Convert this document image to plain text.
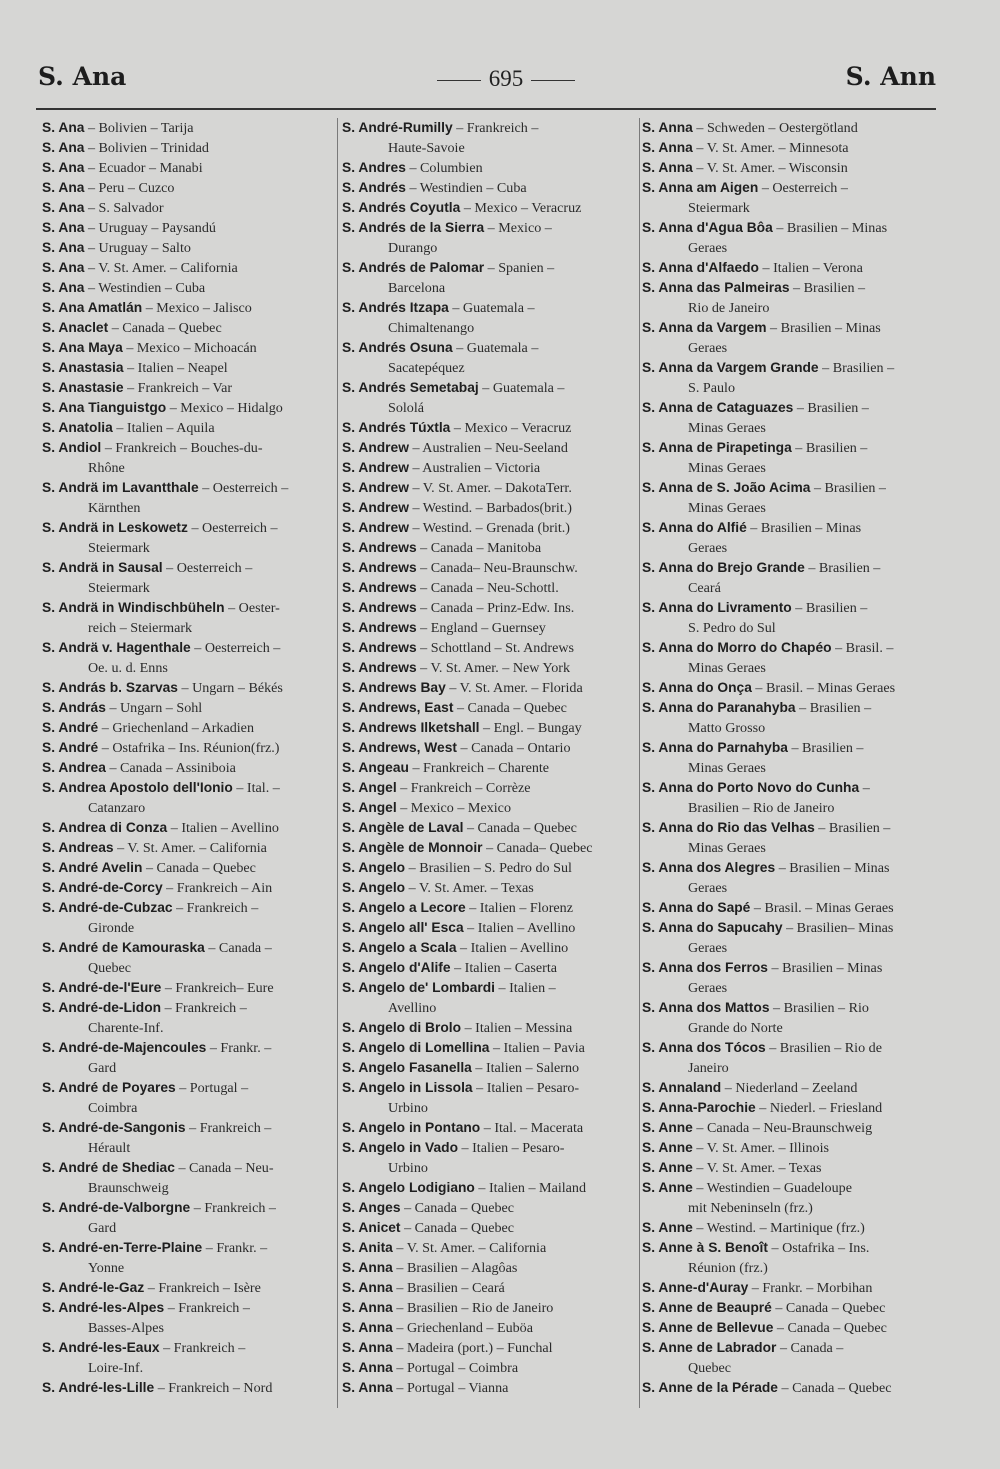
S. Ana	695	S. Ann

S. Ana – Bolivien – Tarija

S. Ana – Bolivien – Trinidad

S. Ana – Ecuador – Manabi

S. Ana – Peru – Cuzco

S. Ana – S. Salvador

S. Ana – Uruguay – Paysandú

S. Ana – Uruguay – Salto

S. Ana – V. St. Amer. – California

S. Ana – Westindien – Cuba

S. Ana Amatlán – Mexico – Jalisco

S. Anaclet – Canada – Quebec

S. Ana Maya – Mexico – Michoacán

S. Anastasia – Italien – Neapel

S. Anastasie – Frankreich – Var

S. Ana Tianguistgo – Mexico – Hidalgo

S. Anatolia – Italien – Aquila

S. Andiol – Frankreich – Bouches-du-
Rhône

S. Andrä im Lavantthale – Oesterreich –
Kärnthen

S. Andrä in Leskowetz – Oesterreich –
Steiermark

S. Andrä in Sausal – Oesterreich –
Steiermark

S. Andrä in Windischbüheln – Oester-
reich – Steiermark

S. Andrä v. Hagenthale – Oesterreich –
Oe. u. d. Enns

S. András b. Szarvas – Ungarn – Békés

S. András – Ungarn – Sohl

S. André – Griechenland – Arkadien

S. André – Ostafrika – Ins. Réunion(frz.)

S. Andrea – Canada – Assiniboia

S. Andrea Apostolo dell'Ionio – Ital. –
Catanzaro

S. Andrea di Conza – Italien – Avellino

S. Andreas – V. St. Amer. – California

S. André Avelin – Canada – Quebec

S. André-de-Corcy – Frankreich – Ain

S. André-de-Cubzac – Frankreich –
Gironde

S. André de Kamouraska – Canada –
Quebec

S. André-de-l'Eure – Frankreich– Eure

S. André-de-Lidon – Frankreich –
Charente-Inf.

S. André-de-Majencoules – Frankr. –
Gard

S. André de Poyares – Portugal –
Coimbra

S. André-de-Sangonis – Frankreich –
Hérault

S. André de Shediac – Canada – Neu-
Braunschweig

S. André-de-Valborgne – Frankreich –
Gard

S. André-en-Terre-Plaine – Frankr. –
Yonne

S. André-le-Gaz – Frankreich – Isère

S. André-les-Alpes – Frankreich –
Basses-Alpes

S. André-les-Eaux – Frankreich –
Loire-Inf.

S. André-les-Lille – Frankreich – Nord

S. André-Rumilly – Frankreich –
Haute-Savoie

S. Andres – Columbien

S. Andrés – Westindien – Cuba

S. Andrés Coyutla – Mexico – Veracruz

S. Andrés de la Sierra – Mexico –
Durango

S. Andrés de Palomar – Spanien –
Barcelona

S. Andrés Itzapa – Guatemala –
Chimaltenango

S. Andrés Osuna – Guatemala –
Sacatepéquez

S. Andrés Semetabaj – Guatemala –
Sololá

S. Andrés Túxtla – Mexico – Veracruz

S. Andrew – Australien – Neu-Seeland

S. Andrew – Australien – Victoria

S. Andrew – V. St. Amer. – DakotaTerr.

S. Andrew – Westind. – Barbados(brit.)

S. Andrew – Westind. – Grenada (brit.)

S. Andrews – Canada – Manitoba

S. Andrews – Canada– Neu-Braunschw.

S. Andrews – Canada – Neu-Schottl.

S. Andrews – Canada – Prinz-Edw. Ins.

S. Andrews – England – Guernsey

S. Andrews – Schottland – St. Andrews

S. Andrews – V. St. Amer. – New York

S. Andrews Bay – V. St. Amer. – Florida

S. Andrews, East – Canada – Quebec

S. Andrews Ilketshall – Engl. – Bungay

S. Andrews, West – Canada – Ontario

S. Angeau – Frankreich – Charente

S. Angel – Frankreich – Corrèze

S. Angel – Mexico – Mexico

S. Angèle de Laval – Canada – Quebec

S. Angèle de Monnoir – Canada– Quebec

S. Angelo – Brasilien – S. Pedro do Sul

S. Angelo – V. St. Amer. – Texas

S. Angelo a Lecore – Italien – Florenz

S. Angelo all' Esca – Italien – Avellino

S. Angelo a Scala – Italien – Avellino

S. Angelo d'Alife – Italien – Caserta

S. Angelo de' Lombardi – Italien –
Avellino

S. Angelo di Brolo – Italien – Messina

S. Angelo di Lomellina – Italien – Pavia

S. Angelo Fasanella – Italien – Salerno

S. Angelo in Lissola – Italien – Pesaro-
Urbino

S. Angelo in Pontano – Ital. – Macerata

S. Angelo in Vado – Italien – Pesaro-
Urbino

S. Angelo Lodigiano – Italien – Mailand

S. Anges – Canada – Quebec

S. Anicet – Canada – Quebec

S. Anita – V. St. Amer. – California

S. Anna – Brasilien – Alagôas

S. Anna – Brasilien – Ceará

S. Anna – Brasilien – Rio de Janeiro

S. Anna – Griechenland – Euböa

S. Anna – Madeira (port.) – Funchal

S. Anna – Portugal – Coimbra

S. Anna – Portugal – Vianna

S. Anna – Schweden – Oestergötland

S. Anna – V. St. Amer. – Minnesota

S. Anna – V. St. Amer. – Wisconsin

S. Anna am Aigen – Oesterreich –
Steiermark

S. Anna d'Agua Bôa – Brasilien – Minas
Geraes

S. Anna d'Alfaedo – Italien – Verona

S. Anna das Palmeiras – Brasilien –
Rio de Janeiro

S. Anna da Vargem – Brasilien – Minas
Geraes

S. Anna da Vargem Grande – Brasilien –
S. Paulo

S. Anna de Cataguazes – Brasilien –
Minas Geraes

S. Anna de Pirapetinga – Brasilien –
Minas Geraes

S. Anna de S. João Acima – Brasilien –
Minas Geraes

S. Anna do Alfié – Brasilien – Minas
Geraes

S. Anna do Brejo Grande – Brasilien –
Ceará

S. Anna do Livramento – Brasilien –
S. Pedro do Sul

S. Anna do Morro do Chapéo – Brasil. –
Minas Geraes

S. Anna do Onça – Brasil. – Minas Geraes

S. Anna do Paranahyba – Brasilien –
Matto Grosso

S. Anna do Parnahyba – Brasilien –
Minas Geraes

S. Anna do Porto Novo do Cunha –
Brasilien – Rio de Janeiro

S. Anna do Rio das Velhas – Brasilien –
Minas Geraes

S. Anna dos Alegres – Brasilien – Minas
Geraes

S. Anna do Sapé – Brasil. – Minas Geraes

S. Anna do Sapucahy – Brasilien– Minas
Geraes

S. Anna dos Ferros – Brasilien – Minas
Geraes

S. Anna dos Mattos – Brasilien – Rio
Grande do Norte

S. Anna dos Tócos – Brasilien – Rio de
Janeiro

S. Annaland – Niederland – Zeeland

S. Anna-Parochie – Niederl. – Friesland

S. Anne – Canada – Neu-Braunschweig

S. Anne – V. St. Amer. – Illinois

S. Anne – V. St. Amer. – Texas

S. Anne – Westindien – Guadeloupe
mit Nebeninseln (frz.)

S. Anne – Westind. – Martinique (frz.)

S. Anne à S. Benoît – Ostafrika – Ins.
Réunion (frz.)

S. Anne-d'Auray – Frankr. – Morbihan

S. Anne de Beaupré – Canada – Quebec

S. Anne de Bellevue – Canada – Quebec

S. Anne de Labrador – Canada –
Quebec

S. Anne de la Pérade – Canada – Quebec
